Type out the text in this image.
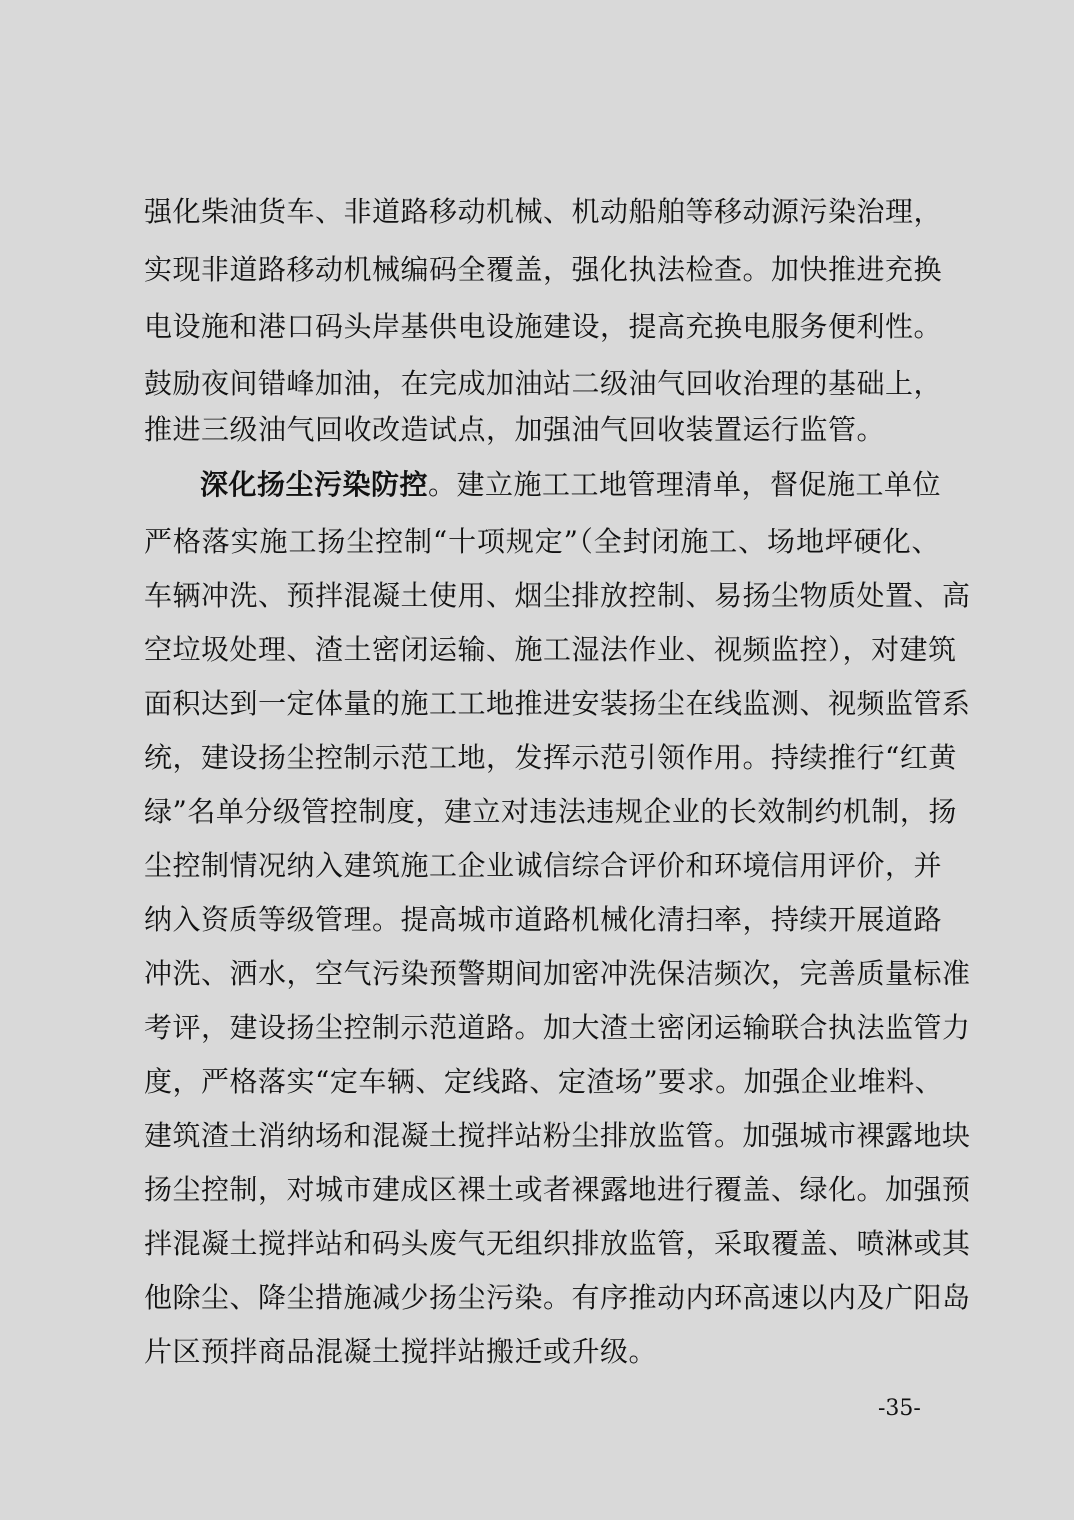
强化柴油货车、非道路移动机械、机动船舶等移动源污染治理，
实现非道路移动机械编码全覆盖，强化执法检查。加快推进充换
电设施和港口码头岸基供电设施建设，提高充换电服务便利性。
鼓励夜间错峰加油，在完成加油站二级油气回收治理的基础上，
推进三级油气回收改造试点，加强油气回收装置运行监管。
深化扬尘污染防控。建立施工工地管理清单，督促施工单位
严格落实施工扬尘控制“十项规定”（全封闭施工、场地坪硬化、
车辆冲洗、预拌混凝土使用、烟尘排放控制、易扬尘物质处置、高
空垃圾处理、渣土密闭运输、施工湿法作业、视频监控），对建筑
面积达到一定体量的施工工地推进安装扬尘在线监测、视频监管系
统，建设扬尘控制示范工地，发挥示范引领作用。持续推行“红黄
绿”名单分级管控制度，建立对违法违规企业的长效制约机制，扬
尘控制情况纳入建筑施工企业诚信综合评价和环境信用评价，并
纳入资质等级管理。提高城市道路机械化清扫率，持续开展道路
冲洗、洒水，空气污染预警期间加密冲洗保洁频次，完善质量标准
考评，建设扬尘控制示范道路。加大渣土密闭运输联合执法监管力
度，严格落实“定车辆、定线路、定渣场”要求。加强企业堆料、
建筑渣土消纳场和混凝土搅拌站粉尘排放监管。加强城市裸露地块
扬尘控制，对城市建成区裸土或者裸露地进行覆盖、绿化。加强预
拌混凝土搅拌站和码头废气无组织排放监管，采取覆盖、喷淋或其
他除尘、降尘措施减少扬尘污染。有序推动内环高速以内及广阳岛
片区预拌商品混凝土搅拌站搬迁或升级。
-35-
